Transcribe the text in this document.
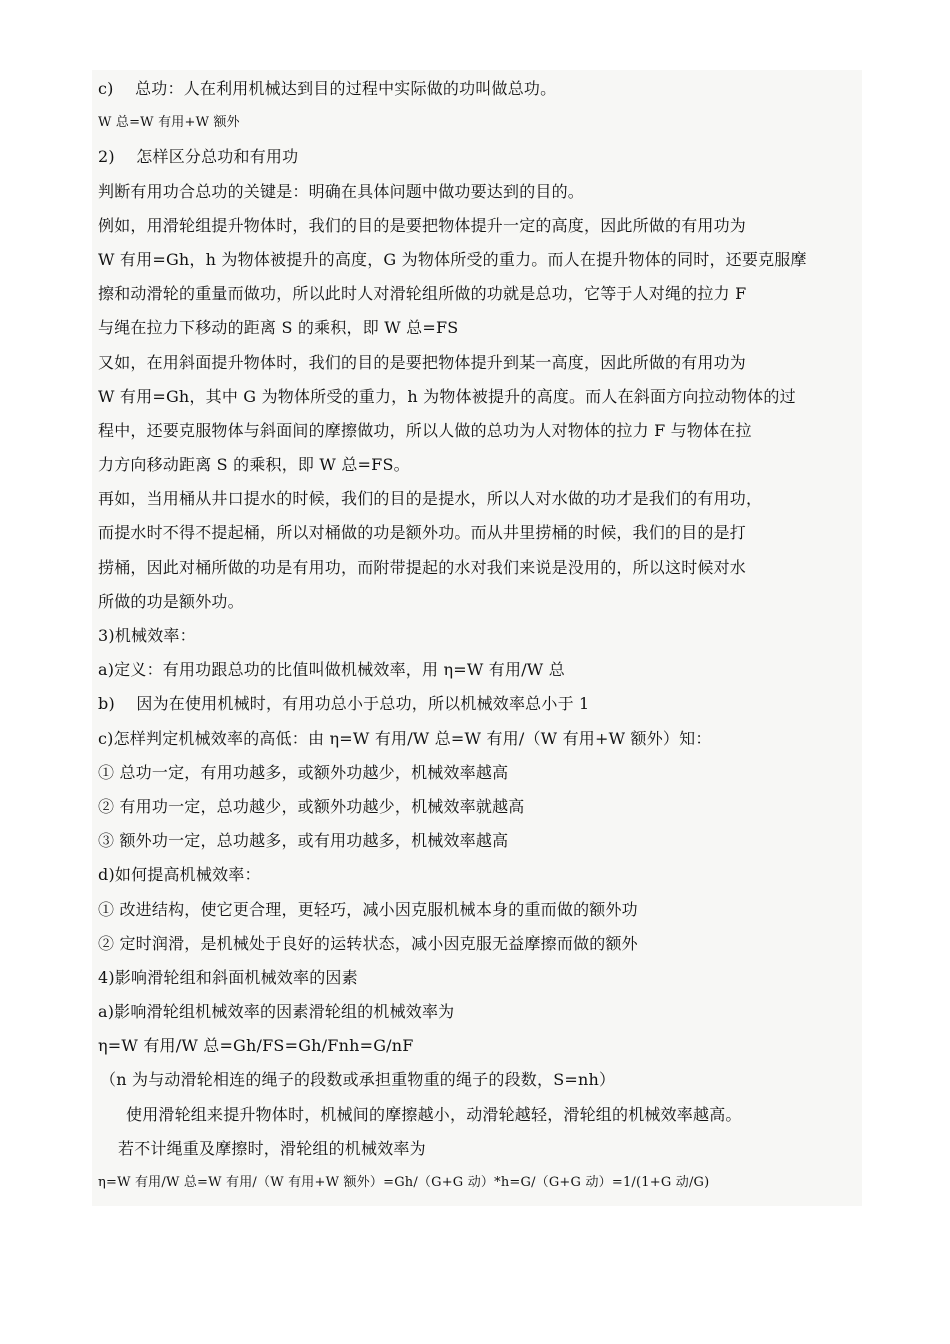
c)　 总功：人在利用机械达到目的过程中实际做的功叫做总功。
W 总=W 有用+W 额外
2)　 怎样区分总功和有用功
判断有用功合总功的关键是：明确在具体问题中做功要达到的目的。
例如，用滑轮组提升物体时，我们的目的是要把物体提升一定的高度，因此所做的有用功为
W 有用=Gh，h 为物体被提升的高度，G 为物体所受的重力。而人在提升物体的同时，还要克服摩
擦和动滑轮的重量而做功，所以此时人对滑轮组所做的功就是总功，它等于人对绳的拉力 F
与绳在拉力下移动的距离 S 的乘积，即 W 总=FS
又如，在用斜面提升物体时，我们的目的是要把物体提升到某一高度，因此所做的有用功为
W 有用=Gh，其中 G 为物体所受的重力，h 为物体被提升的高度。而人在斜面方向拉动物体的过
程中，还要克服物体与斜面间的摩擦做功，所以人做的总功为人对物体的拉力 F 与物体在拉
力方向移动距离 S 的乘积，即 W 总=FS。
再如，当用桶从井口提水的时候，我们的目的是提水，所以人对水做的功才是我们的有用功，
而提水时不得不提起桶，所以对桶做的功是额外功。而从井里捞桶的时候，我们的目的是打
捞桶，因此对桶所做的功是有用功，而附带提起的水对我们来说是没用的，所以这时候对水
所做的功是额外功。
3)机械效率：
a)定义：有用功跟总功的比值叫做机械效率，用 η=W 有用/W 总
b)　 因为在使用机械时，有用功总小于总功，所以机械效率总小于 1
c)怎样判定机械效率的高低：由 η=W 有用/W 总=W 有用/（W 有用+W 额外）知：
① 总功一定，有用功越多，或额外功越少，机械效率越高
② 有用功一定，总功越少，或额外功越少，机械效率就越高
③ 额外功一定，总功越多，或有用功越多，机械效率越高
d)如何提高机械效率：
① 改进结构，使它更合理，更轻巧，减小因克服机械本身的重而做的额外功
② 定时润滑，是机械处于良好的运转状态，减小因克服无益摩擦而做的额外
4)影响滑轮组和斜面机械效率的因素
a)影响滑轮组机械效率的因素滑轮组的机械效率为
η=W 有用/W 总=Gh/FS=Gh/Fnh=G/nF
（n 为与动滑轮相连的绳子的段数或承担重物重的绳子的段数，S=nh）
使用滑轮组来提升物体时，机械间的摩擦越小，动滑轮越轻，滑轮组的机械效率越高。
若不计绳重及摩擦时，滑轮组的机械效率为
η=W 有用/W 总=W 有用/（W 有用+W 额外）=Gh/（G+G 动）*h=G/（G+G 动）=1/(1+G 动/G)
